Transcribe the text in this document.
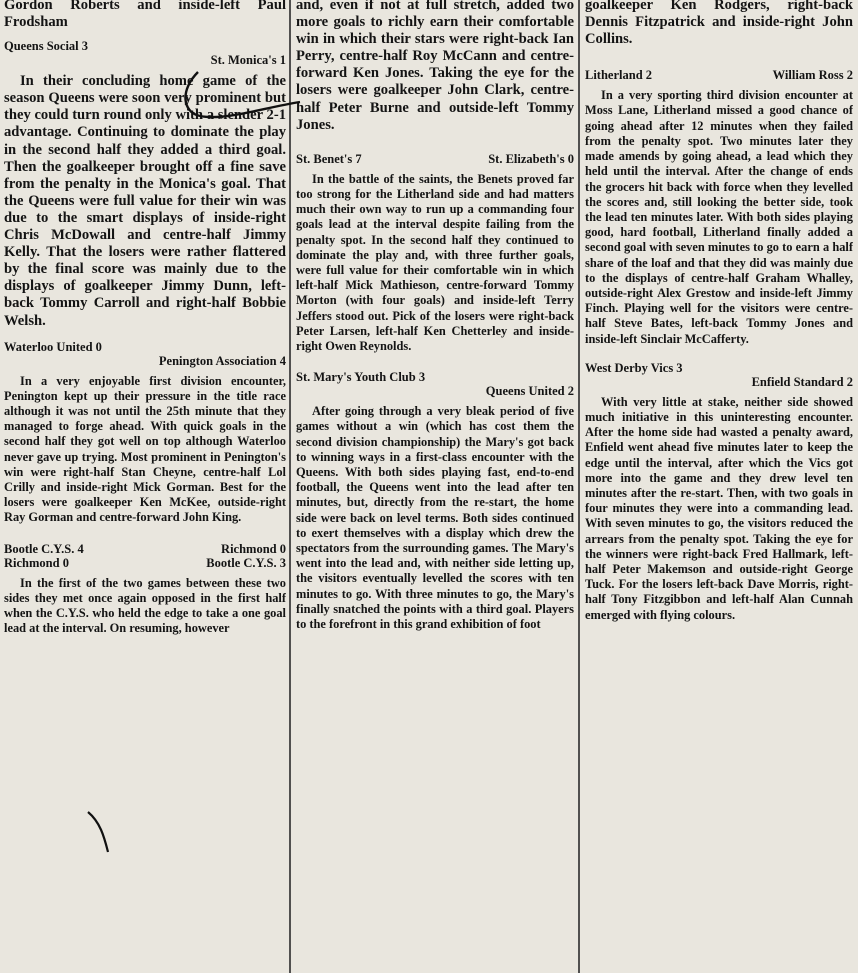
Gordon Roberts and inside-left Paul Frodsham

Queens Social 3
St. Monica's 1

In their concluding home game of the season Queens were soon very prominent but they could turn round only with a slender 2-1 advantage. Continuing to dominate the play in the second half they added a third goal. Then the goalkeeper brought off a fine save from the penalty in the Monica's goal. That the Queens were full value for their win was due to the smart displays of inside-right Chris McDowall and centre-half Jimmy Kelly. That the losers were rather flattered by the final score was mainly due to the displays of goalkeeper Jimmy Dunn, left-back Tommy Carroll and right-half Bobbie Welsh.

Waterloo United 0
Penington Association 4

In a very enjoyable first division encounter, Penington kept up their pressure in the title race although it was not until the 25th minute that they managed to forge ahead. With quick goals in the second half they got well on top although Waterloo never gave up trying. Most prominent in Penington's win were right-half Stan Cheyne, centre-half Lol Crilly and inside-right Mick Gorman. Best for the losers were goalkeeper Ken McKee, outside-right Ray Gorman and centre-forward John King.

Bootle C.Y.S. 4	Richmond 0

Richmond 0	Bootle C.Y.S. 3

In the first of the two games between these two sides they met once again opposed in the first half when the C.Y.S. who held the edge to take a one goal lead at the interval. On resuming, however

and, even if not at full stretch, added two more goals to richly earn their comfortable win in which their stars were right-back Ian Perry, centre-half Roy McCann and centre-forward Ken Jones. Taking the eye for the losers were goalkeeper John Clark, centre-half Peter Burne and outside-left Tommy Jones.

St. Benet's 7	St. Elizabeth's 0

In the battle of the saints, the Benets proved far too strong for the Litherland side and had matters much their own way to run up a commanding four goals lead at the interval despite failing from the penalty spot. In the second half they continued to dominate the play and, with three further goals, were full value for their comfortable win in which left-half Mick Mathieson, centre-forward Tommy Morton (with four goals) and inside-left Terry Jeffers stood out. Pick of the losers were right-back Peter Larsen, left-half Ken Chetterley and inside-right Owen Reynolds.

St. Mary's Youth Club 3
Queens United 2

After going through a very bleak period of five games without a win (which has cost them the second division championship) the Mary's got back to winning ways in a first-class encounter with the Queens. With both sides playing fast, end-to-end football, the Queens went into the lead after ten minutes, but, directly from the re-start, the home side were back on level terms. Both sides continued to exert themselves with a display which drew the spectators from the surrounding games. The Mary's went into the lead and, with neither side letting up, the visitors eventually levelled the scores with ten minutes to go. With three minutes to go, the Mary's finally snatched the points with a third goal. Players to the forefront in this grand exhibition of foot

goalkeeper Ken Rodgers, right-back Dennis Fitzpatrick and inside-right John Collins.

Litherland 2	William Ross 2

In a very sporting third division encounter at Moss Lane, Litherland missed a good chance of going ahead after 12 minutes when they failed from the penalty spot. Two minutes later they made amends by going ahead, a lead which they held until the interval. After the change of ends the grocers hit back with force when they levelled the scores and, still looking the better side, took the lead ten minutes later. With both sides playing good, hard football, Litherland finally added a second goal with seven minutes to go to earn a half share of the loaf and that they did was mainly due to the displays of centre-half Graham Whalley, outside-right Alex Grestow and inside-left Jimmy Finch. Playing well for the visitors were centre-half Steve Bates, left-back Tommy Jones and inside-left Sinclair McCafferty.

West Derby Vics 3
Enfield Standard 2

With very little at stake, neither side showed much initiative in this uninteresting encounter. After the home side had wasted a penalty award, Enfield went ahead five minutes later to keep the edge until the interval, after which the Vics got more into the game and they drew level ten minutes after the re-start. Then, with two goals in four minutes they were into a commanding lead. With seven minutes to go, the visitors reduced the arrears from the penalty spot. Taking the eye for the winners were right-back Fred Hallmark, left-half Peter Makemson and outside-right George Tuck. For the losers left-back Dave Morris, right-half Tony Fitzgibbon and left-half Alan Cunnah emerged with flying colours.
